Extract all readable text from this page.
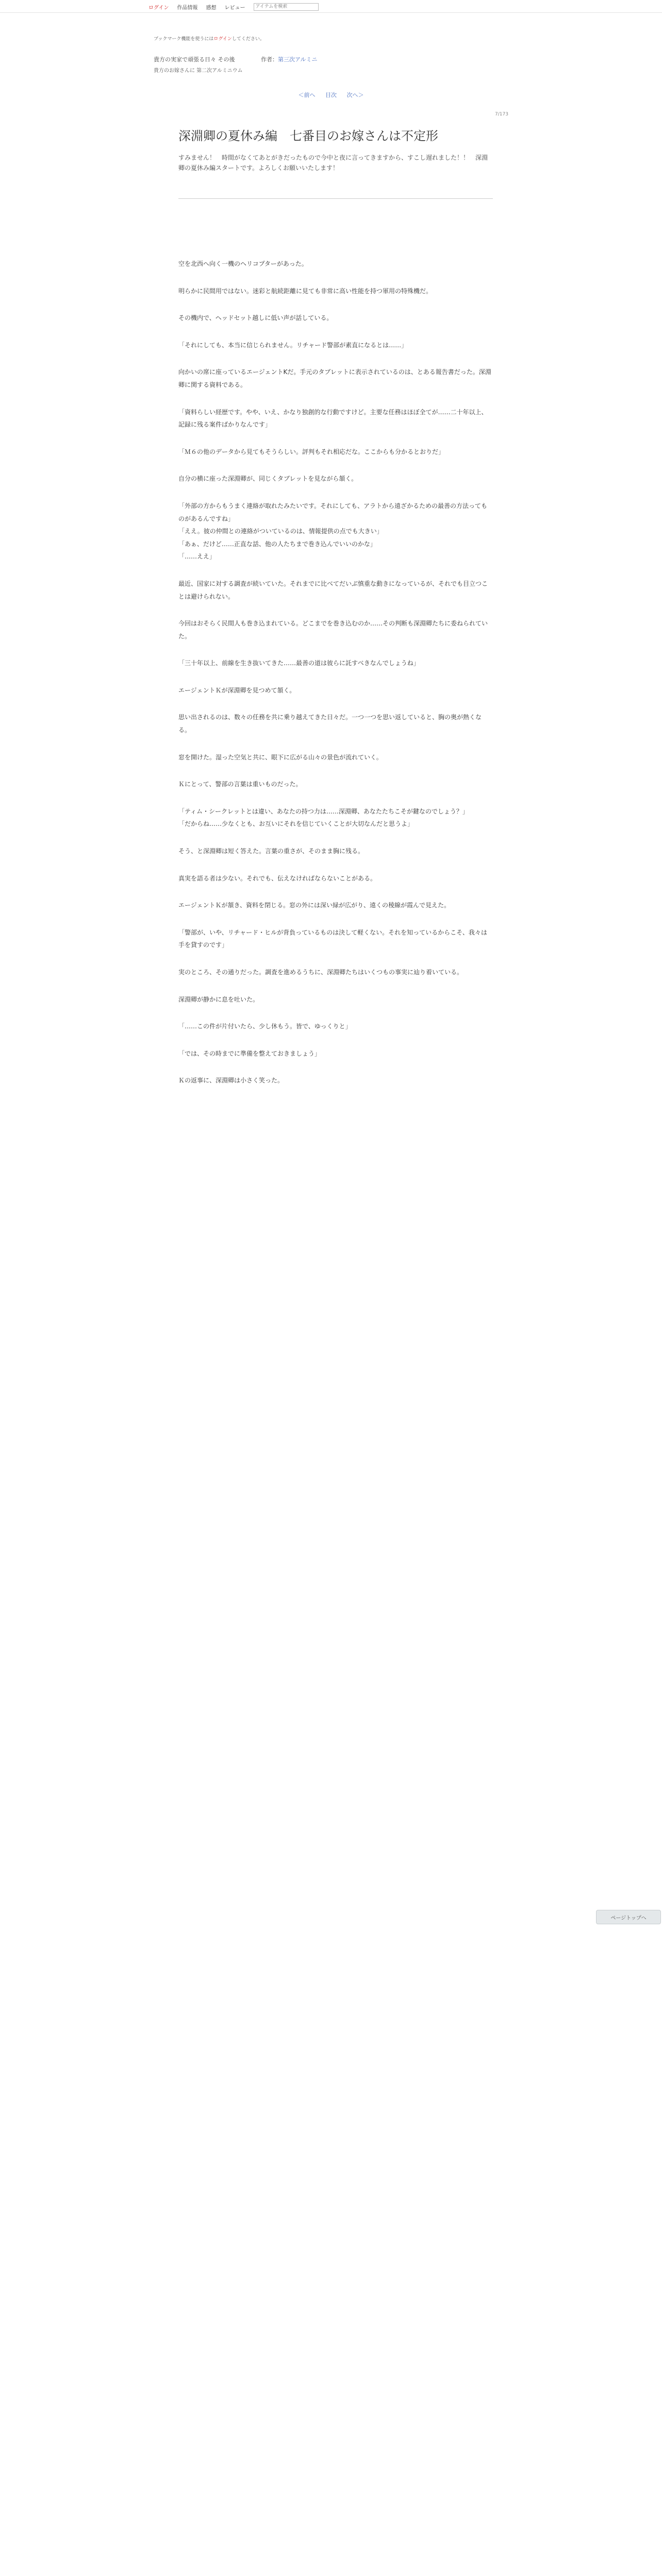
ログイン 作品情報 感想 レビュー
アイテムを検索
ブックマーク機能を使うにはログインしてください。
貴方の実家で頑張る日々 その後	作者：第三次アルミニ
貴方のお嫁さんに 第二次アルミニウム
＜前へ 目次 次へ＞
7/173
深淵卿の夏休み編　七番目のお嫁さんは不定形

すみません！　時間がなくてあとがきだったもので今中と夜に言ってきますから、すこし遅れました！！　深淵卿の夏休み編スタートです。よろしくお願いいたします！

空を北西へ向く一機のヘリコプターがあった。

明らかに民間用ではない。迷彩と航続距離に見ても非常に高い性能を持つ軍用の特殊機だ。

その機内で、ヘッドセット越しに低い声が話している。

「それにしても、本当に信じられません。リチャード警部が素直になるとは……」

向かいの席に座っているエージェントKだ。手元のタブレットに表示されているのは、とある報告書だった。深淵卿に関する資料である。

「資料らしい経歴です。やや、いえ、かなり独創的な行動ですけど。主要な任務はほぼ全てが……二十年以上、記録に残る案件ばかりなんです」

「Ｍ６の他のデータから見てもそうらしい。評判もそれ相応だな。ここからも分かるとおりだ」

自分の横に座った深淵卿が、同じくタブレットを見ながら頷く。

「外部の方からもうまく連絡が取れたみたいです。それにしても、アラトから遠ざかるための最善の方法ってものがあるんですね」

「ええ。彼の仲間との連絡がついているのは、情報提供の点でも大きい」

「あぁ、だけど……正直な話、他の人たちまで巻き込んでいいのかな」

「……ええ」

最近、国家に対する調査が続いていた。それまでに比べてだいぶ慎重な動きになっているが、それでも目立つことは避けられない。

今回はおそらく民間人も巻き込まれている。どこまでを巻き込むのか……その判断も深淵卿たちに委ねられていた。

「三十年以上、前線を生き抜いてきた……最善の道は彼らに託すべきなんでしょうね」

エージェントＫが深淵卿を見つめて頷く。

思い出されるのは、数々の任務を共に乗り越えてきた日々だ。一つ一つを思い返していると、胸の奥が熱くなる。

窓を開けた。湿った空気と共に、眼下に広がる山々の景色が流れていく。

Ｋにとって、警部の言葉は重いものだった。

「ティム・シークレットとは違い、あなたの持つ力は……深淵卿、あなたたちこそが鍵なのでしょう？」

「だからね……少なくとも、お互いにそれを信じていくことが大切なんだと思うよ」

そう、と深淵卿は短く答えた。言葉の重さが、そのまま胸に残る。

真実を語る者は少ない。それでも、伝えなければならないことがある。

エージェントＫが頷き、資料を閉じる。窓の外には深い緑が広がり、遠くの稜線が霞んで見えた。

「警部が、いや、リチャード・ヒルが背負っているものは決して軽くない。それを知っているからこそ、我々は手を貸すのです」

実のところ、その通りだった。調査を進めるうちに、深淵卿たちはいくつもの事実に辿り着いている。

深淵卿が静かに息を吐いた。

「……この件が片付いたら、少し休もう。皆で、ゆっくりと」

「では、その時までに準備を整えておきましょう」

Ｋの返事に、深淵卿は小さく笑った。

ページトップへ
